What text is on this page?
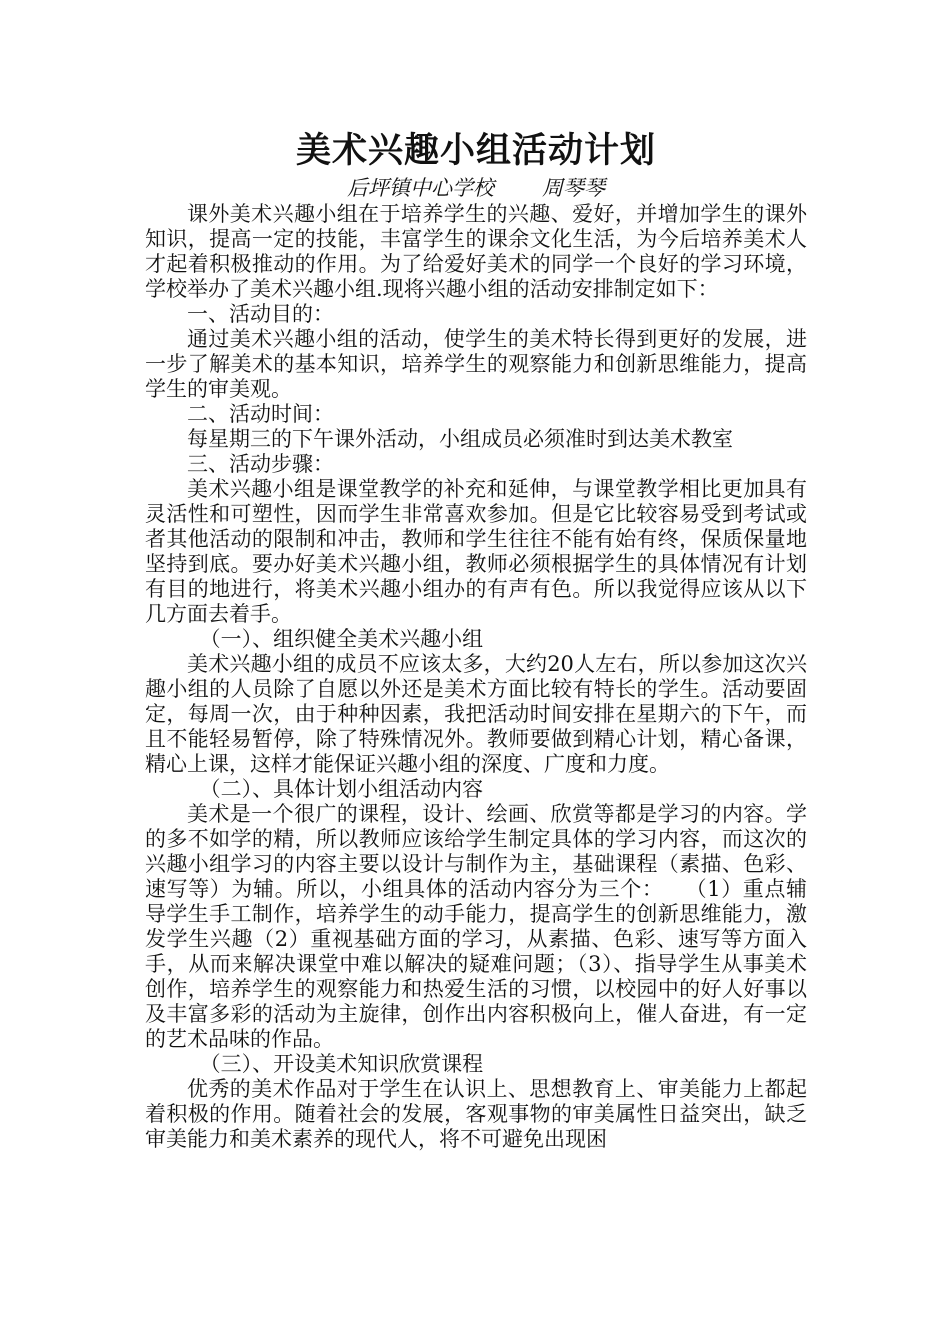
美术兴趣小组活动计划
后坪镇中心学校 周琴琴

课外美术兴趣小组在于培养学生的兴趣、爱好，并增加学生的课外知识，提高一定的技能，丰富学生的课余文化生活，为今后培养美术人才起着积极推动的作用。为了给爱好美术的同学一个良好的学习环境，学校举办了美术兴趣小组.现将兴趣小组的活动安排制定如下：

一、活动目的：

通过美术兴趣小组的活动，使学生的美术特长得到更好的发展，进一步了解美术的基本知识，培养学生的观察能力和创新思维能力，提高学生的审美观。

二、活动时间：

每星期三的下午课外活动，小组成员必须准时到达美术教室

三、活动步骤：

美术兴趣小组是课堂教学的补充和延伸，与课堂教学相比更加具有灵活性和可塑性，因而学生非常喜欢参加。但是它比较容易受到考试或者其他活动的限制和冲击，教师和学生往往不能有始有终，保质保量地坚持到底。要办好美术兴趣小组，教师必须根据学生的具体情况有计划有目的地进行，将美术兴趣小组办的有声有色。所以我觉得应该从以下几方面去着手。

（一）、组织健全美术兴趣小组

美术兴趣小组的成员不应该太多，大约20人左右，所以参加这次兴趣小组的人员除了自愿以外还是美术方面比较有特长的学生。活动要固定，每周一次，由于种种因素，我把活动时间安排在星期六的下午，而且不能轻易暂停，除了特殊情况外。教师要做到精心计划，精心备课，精心上课，这样才能保证兴趣小组的深度、广度和力度。

（二）、具体计划小组活动内容

美术是一个很广的课程，设计、绘画、欣赏等都是学习的内容。学的多不如学的精，所以教师应该给学生制定具体的学习内容，而这次的兴趣小组学习的内容主要以设计与制作为主，基础课程（素描、色彩、速写等）为辅。所以，小组具体的活动内容分为三个：　　（1）重点辅导学生手工制作，培养学生的动手能力，提高学生的创新思维能力，激发学生兴趣（2）重视基础方面的学习，从素描、色彩、速写等方面入手，从而来解决课堂中难以解决的疑难问题；（3）、指导学生从事美术创作，培养学生的观察能力和热爱生活的习惯，以校园中的好人好事以及丰富多彩的活动为主旋律，创作出内容积极向上，催人奋进，有一定的艺术品味的作品。

（三）、开设美术知识欣赏课程

优秀的美术作品对于学生在认识上、思想教育上、审美能力上都起着积极的作用。随着社会的发展，客观事物的审美属性日益突出，缺乏审美能力和美术素养的现代人，将不可避免出现困
